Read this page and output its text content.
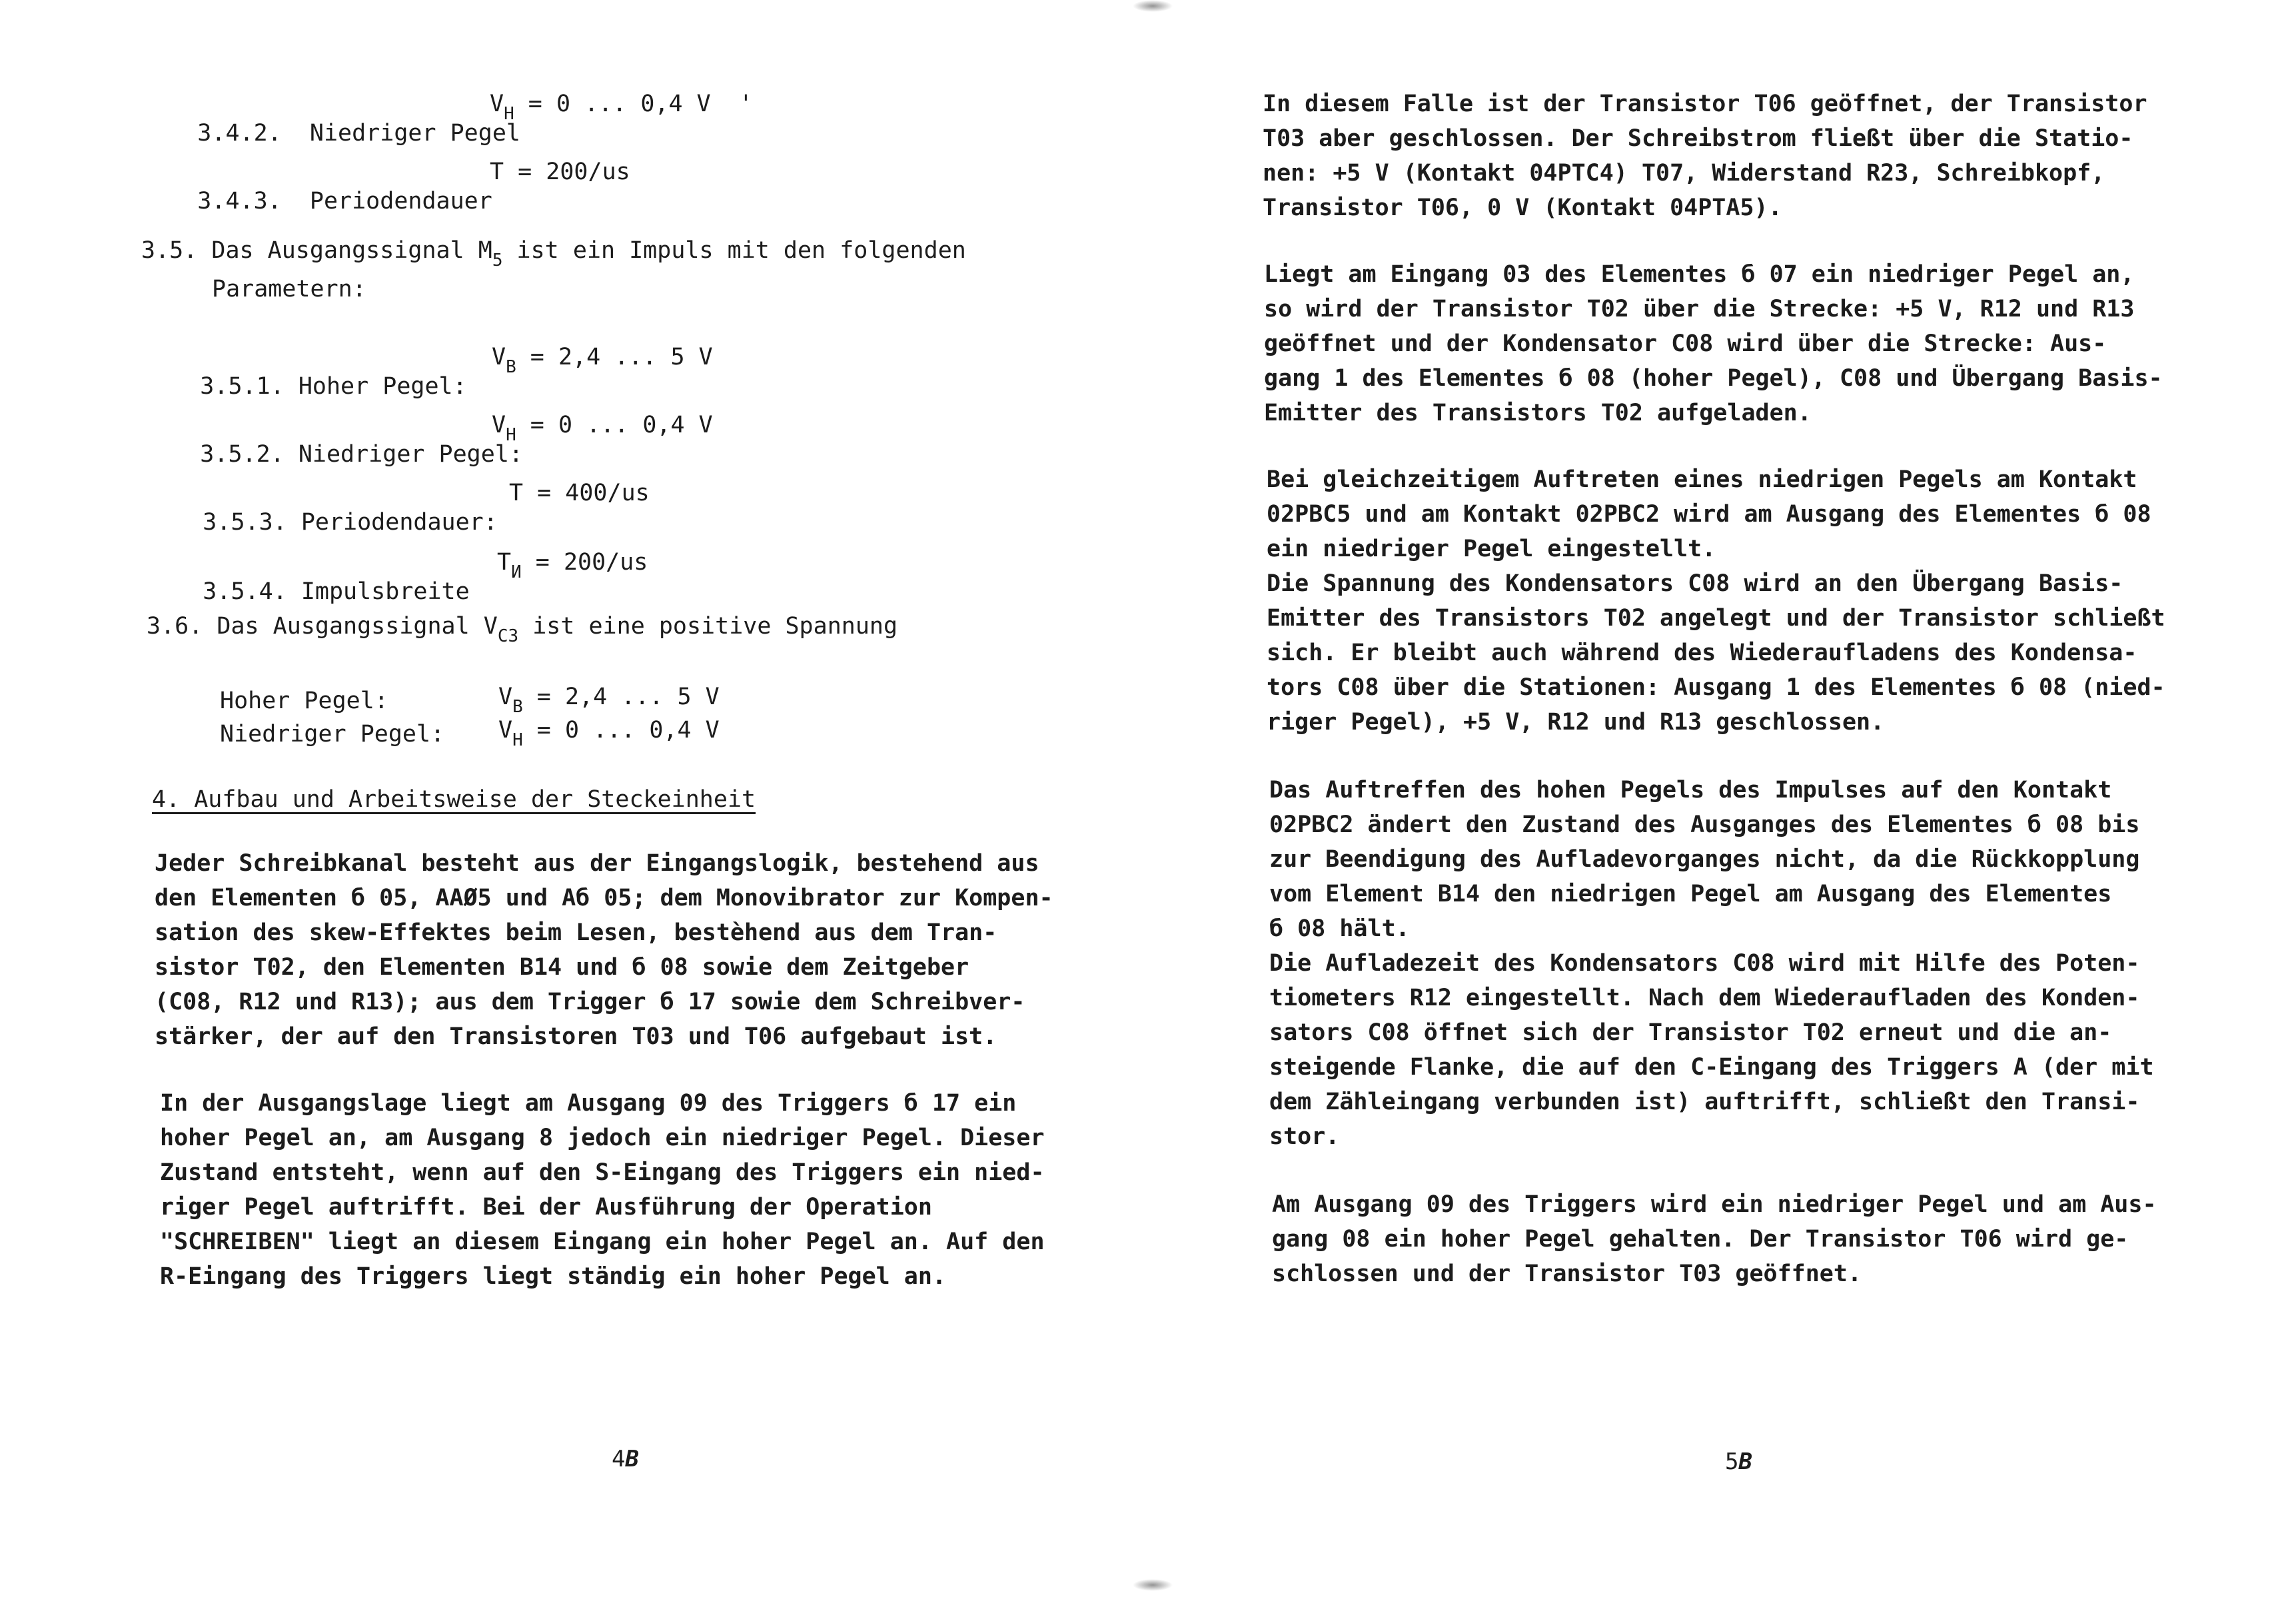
3.4.2. Niedriger Pegel

$V_H = 0$ ... 0,4 V  '

3.4.3. Periodendauer

T = 200/us
3.5. Das Ausgangssignal $М_5$ ist ein Impuls mit den folgenden
Parametern:

3.5.1. Hoher Pegel:

$V_B = 2,4$ ... 5 V

3.5.2. Niedriger Pegel:

$V_H = 0$ ... 0,4 V

3.5.3. Periodendauer:

T = 400/us

3.5.4. Impulsbreite

$T_И = 200/us$
3.6. Das Ausgangssignal $V_{C3}$ ist eine positive Spannung
Hoher Pegel:	$V_B = 2,4$ ... 5 V
Niedriger Pegel: $V_H = 0$ ... 0,4 V
4. Aufbau und Arbeitsweise der Steckeinheit
Jeder Schreibkanal besteht aus der Eingangslogik, bestehend aus
den Elementen б 05, AAØ5 und Aб 05; dem Monovibrator zur Kompen-
sation des skew-Effektes beim Lesen, bestèhend aus dem Tran-
sistor T02, den Elementen B14 und б 08 sowie dem Zeitgeber
(C08, R12 und R13); aus dem Trigger б 17 sowie dem Schreibver-
stärker, der auf den Transistoren T03 und T06 aufgebaut ist.
In der Ausgangslage liegt am Ausgang 09 des Triggers б 17 ein
hoher Pegel an, am Ausgang 8 jedoch ein niedriger Pegel. Dieser
Zustand entsteht, wenn auf den S-Eingang des Triggers ein nied-
riger Pegel auftrifft. Bei der Ausführung der Operation
"SCHREIBEN" liegt an diesem Eingang ein hoher Pegel an. Auf den
R-Eingang des Triggers liegt ständig ein hoher Pegel an.
4B
In diesem Falle ist der Transistor T06 geöffnet, der Transistor
T03 aber geschlossen. Der Schreibstrom fließt über die Statio-
nen: +5 V (Kontakt 04PTC4) T07, Widerstand R23, Schreibkopf,
Transistor T06, 0 V (Kontakt 04PTA5).
Liegt am Eingang 03 des Elementes б 07 ein niedriger Pegel an,
so wird der Transistor T02 über die Strecke: +5 V, R12 und R13
geöffnet und der Kondensator C08 wird über die Strecke: Aus-
gang 1 des Elementes б 08 (hoher Pegel), C08 und Übergang Basis-
Emitter des Transistors T02 aufgeladen.
Bei gleichzeitigem Auftreten eines niedrigen Pegels am Kontakt
02PBC5 und am Kontakt 02PBC2 wird am Ausgang des Elementes б 08
ein niedriger Pegel eingestellt.
Die Spannung des Kondensators C08 wird an den Übergang Basis-
Emitter des Transistors T02 angelegt und der Transistor schließt
sich. Er bleibt auch während des Wiederaufladens des Kondensa-
tors C08 über die Stationen: Ausgang 1 des Elementes б 08 (nied-
riger Pegel), +5 V, R12 und R13 geschlossen.
Das Auftreffen des hohen Pegels des Impulses auf den Kontakt
02PBC2 ändert den Zustand des Ausganges des Elementes б 08 bis
zur Beendigung des Aufladevorganges nicht, da die Rückkopplung
vom Element B14 den niedrigen Pegel am Ausgang des Elementes
б 08 hält.
Die Aufladezeit des Kondensators C08 wird mit Hilfe des Poten-
tiometers R12 eingestellt. Nach dem Wiederaufladen des Konden-
sators C08 öffnet sich der Transistor T02 erneut und die an-
steigende Flanke, die auf den C-Eingang des Triggers А (der mit
dem Zähleingang verbunden ist) auftrifft, schließt den Transi-
stor.
Am Ausgang 09 des Triggers wird ein niedriger Pegel und am Aus-
gang 08 ein hoher Pegel gehalten. Der Transistor T06 wird ge-
schlossen und der Transistor T03 geöffnet.
5B
